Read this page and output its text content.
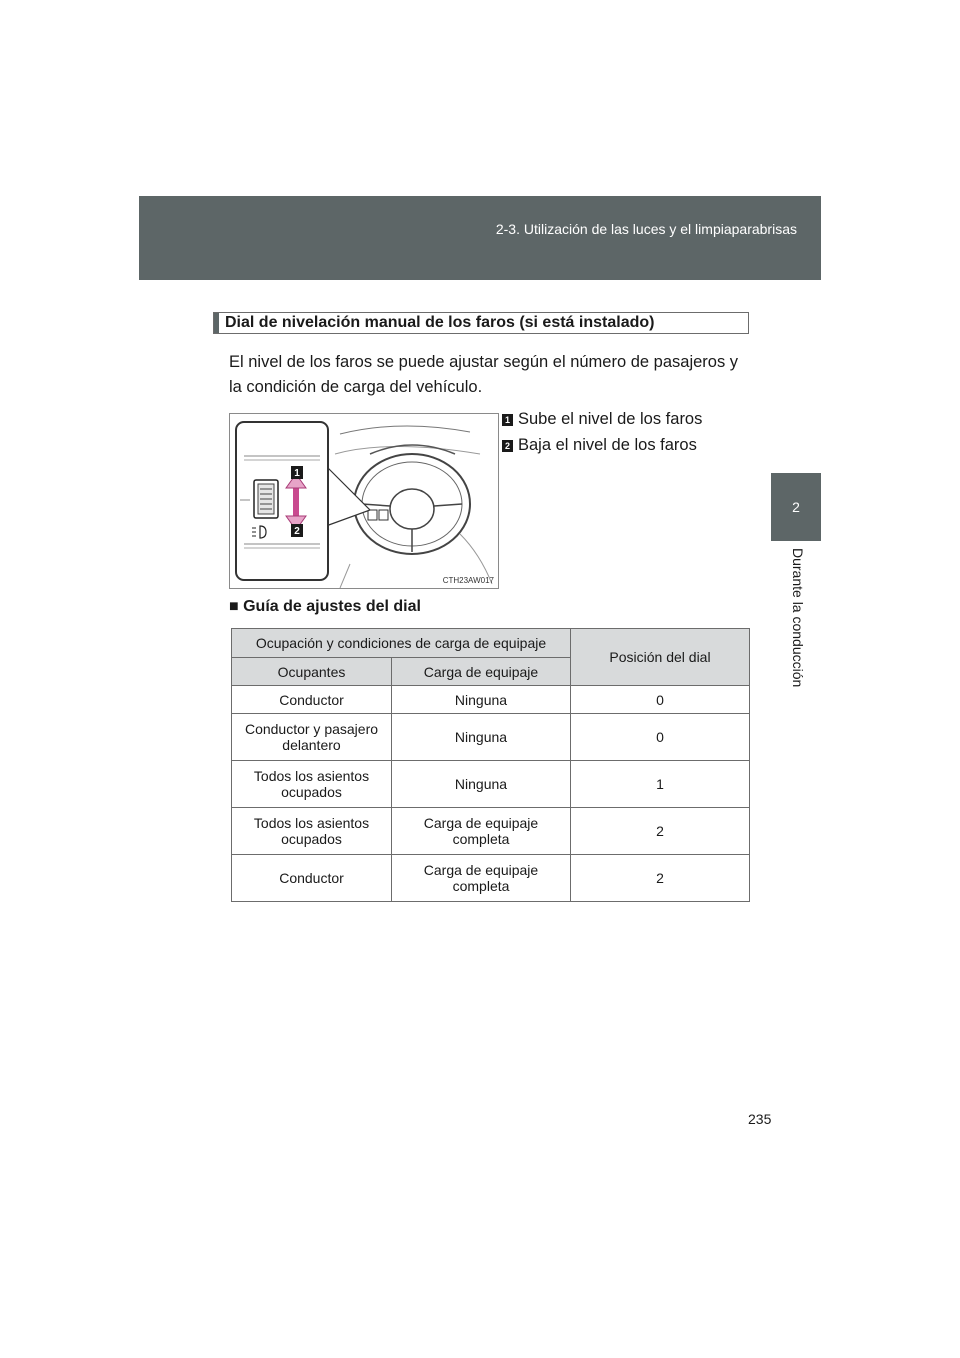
2-3. Utilización de las luces y el limpiaparabrisas
2
Durante la conducción
Dial de nivelación manual de los faros (si está instalado)
El nivel de los faros se puede ajustar según el número de pasajeros y la condición de carga del vehículo.
1 Sube el nivel de los faros
2 Baja el nivel de los faros
1
2
CTH23AW017
■ Guía de ajustes del dial
Ocupación y condiciones de carga de equipaje		Posición del dial
Ocupantes	Carga de equipaje	
Conductor	Ninguna	0
Conductor y pasajero delantero	Ninguna	0
Todos los asientos ocupados	Ninguna	1
Todos los asientos ocupados	Carga de equipaje completa	2
Conductor	Carga de equipaje completa	2
235
